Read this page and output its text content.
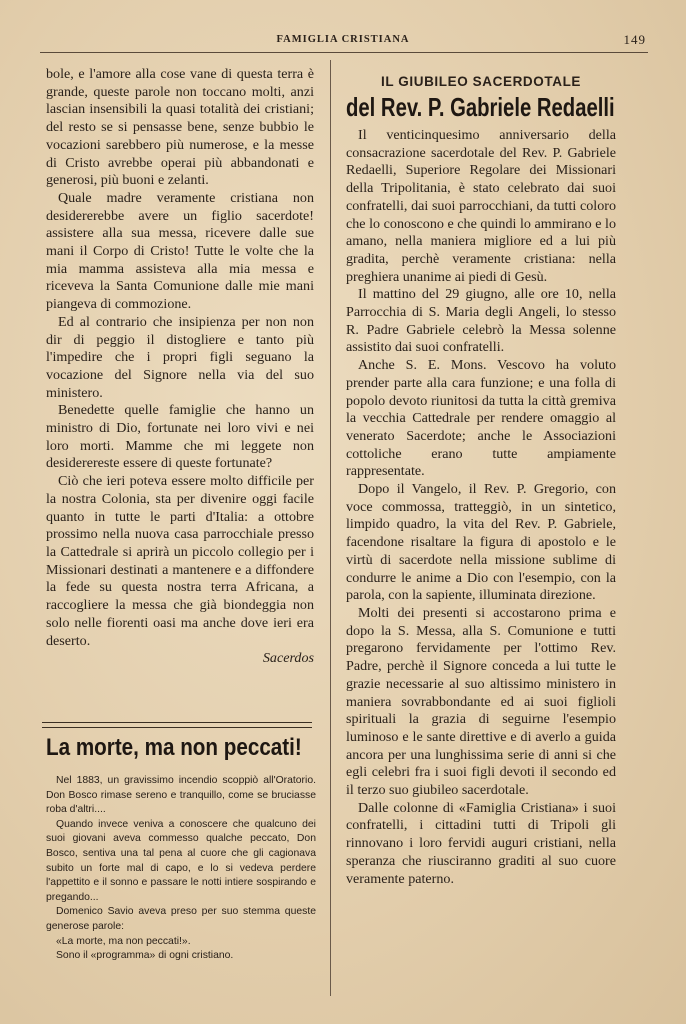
FAMIGLIA CRISTIANA	149

bole, e l'amore alla cose vane di questa terra è grande, queste parole non toccano molti, anzi lascian insensibili la quasi totalità dei cristiani; del resto se si pensasse bene, senze bubbio le vocazioni sarebbero più numerose, e la messe di Cristo avrebbe operai più abbandonati e generosi, più buoni e zelanti.

Quale madre veramente cristiana non desidererebbe avere un figlio sacerdote! assistere alla sua messa, ricevere dalle sue mani il Corpo di Cristo! Tutte le volte che la mia mamma assisteva alla mia messa e riceveva la Santa Comunione dalle mie mani piangeva di commozione.

Ed al contrario che insipienza per non non dir di peggio il distogliere e tanto più l'impedire che i propri figli seguano la vocazione del Signore nella via del suo ministero.

Benedette quelle famiglie che hanno un ministro di Dio, fortunate nei loro vivi e nei loro morti. Mamme che mi leggete non desiderereste essere di queste fortunate?

Ciò che ieri poteva essere molto difficile per la nostra Colonia, sta per divenire oggi facile quanto in tutte le parti d'Italia: a ottobre prossimo nella nuova casa parrocchiale presso la Cattedrale si aprirà un piccolo collegio per i Missionari destinati a mantenere e a diffondere la fede su questa nostra terra Africana, a raccogliere la messa che già biondeggia non solo nelle fiorenti oasi ma anche dove ieri era deserto.

Sacerdos
La morte, ma non peccati!

Nel 1883, un gravissimo incendio scoppiò all'Oratorio. Don Bosco rimase sereno e tranquillo, come se bruciasse roba d'altri....

Quando invece veniva a conoscere che qualcuno dei suoi giovani aveva commesso qualche peccato, Don Bosco, sentiva una tal pena al cuore che gli cagionava subito un forte mal di capo, e lo si vedeva perdere l'appettito e il sonno e passare le notti intiere sospirando e pregando...

Domenico Savio aveva preso per suo stemma queste generose parole:

«La morte, ma non peccati!».

Sono il «programma» di ogni cristiano.

IL GIUBILEO SACERDOTALE
del Rev. P. Gabriele Redaelli

Il venticinquesimo anniversario della consacrazione sacerdotale del Rev. P. Gabriele Redaelli, Superiore Regolare dei Missionari della Tripolitania, è stato celebrato dai suoi confratelli, dai suoi parrocchiani, da tutti coloro che lo conoscono e che quindi lo ammirano e lo amano, nella maniera migliore ed a lui più gradita, perchè veramente cristiana: nella preghiera unanime ai piedi di Gesù.

Il mattino del 29 giugno, alle ore 10, nella Parrocchia di S. Maria degli Angeli, lo stesso R. Padre Gabriele celebrò la Messa solenne assistito dai suoi confratelli.

Anche S. E. Mons. Vescovo ha voluto prender parte alla cara funzione; e una folla di popolo devoto riunitosi da tutta la città gremiva la vecchia Cattedrale per rendere omaggio al venerato Sacerdote; anche le Associazioni cottoliche erano tutte ampiamente rappresentate.

Dopo il Vangelo, il Rev. P. Gregorio, con voce commossa, tratteggiò, in un sintetico, limpido quadro, la vita del Rev. P. Gabriele, facendone risaltare la figura di apostolo e le virtù di sacerdote nella missione sublime di condurre le anime a Dio con l'esempio, con la parola, con la sapiente, illuminata direzione.

Molti dei presenti si accostarono prima e dopo la S. Messa, alla S. Comunione e tutti pregarono fervidamente per l'ottimo Rev. Padre, perchè il Signore conceda a lui tutte le grazie necessarie al suo altissimo ministero in maniera sovrabbondante ed ai suoi figlioli spirituali la grazia di seguirne l'esempio luminoso e le sante direttive e di averlo a guida ancora per una lunghissima serie di anni si che egli celebri fra i suoi figli devoti il secondo ed il terzo suo giubileo sacerdotale.

Dalle colonne di «Famiglia Cristiana» i suoi confratelli, i cittadini tutti di Tripoli gli rinnovano i loro fervidi auguri cristiani, nella speranza che riusciranno graditi al suo cuore veramente paterno.
